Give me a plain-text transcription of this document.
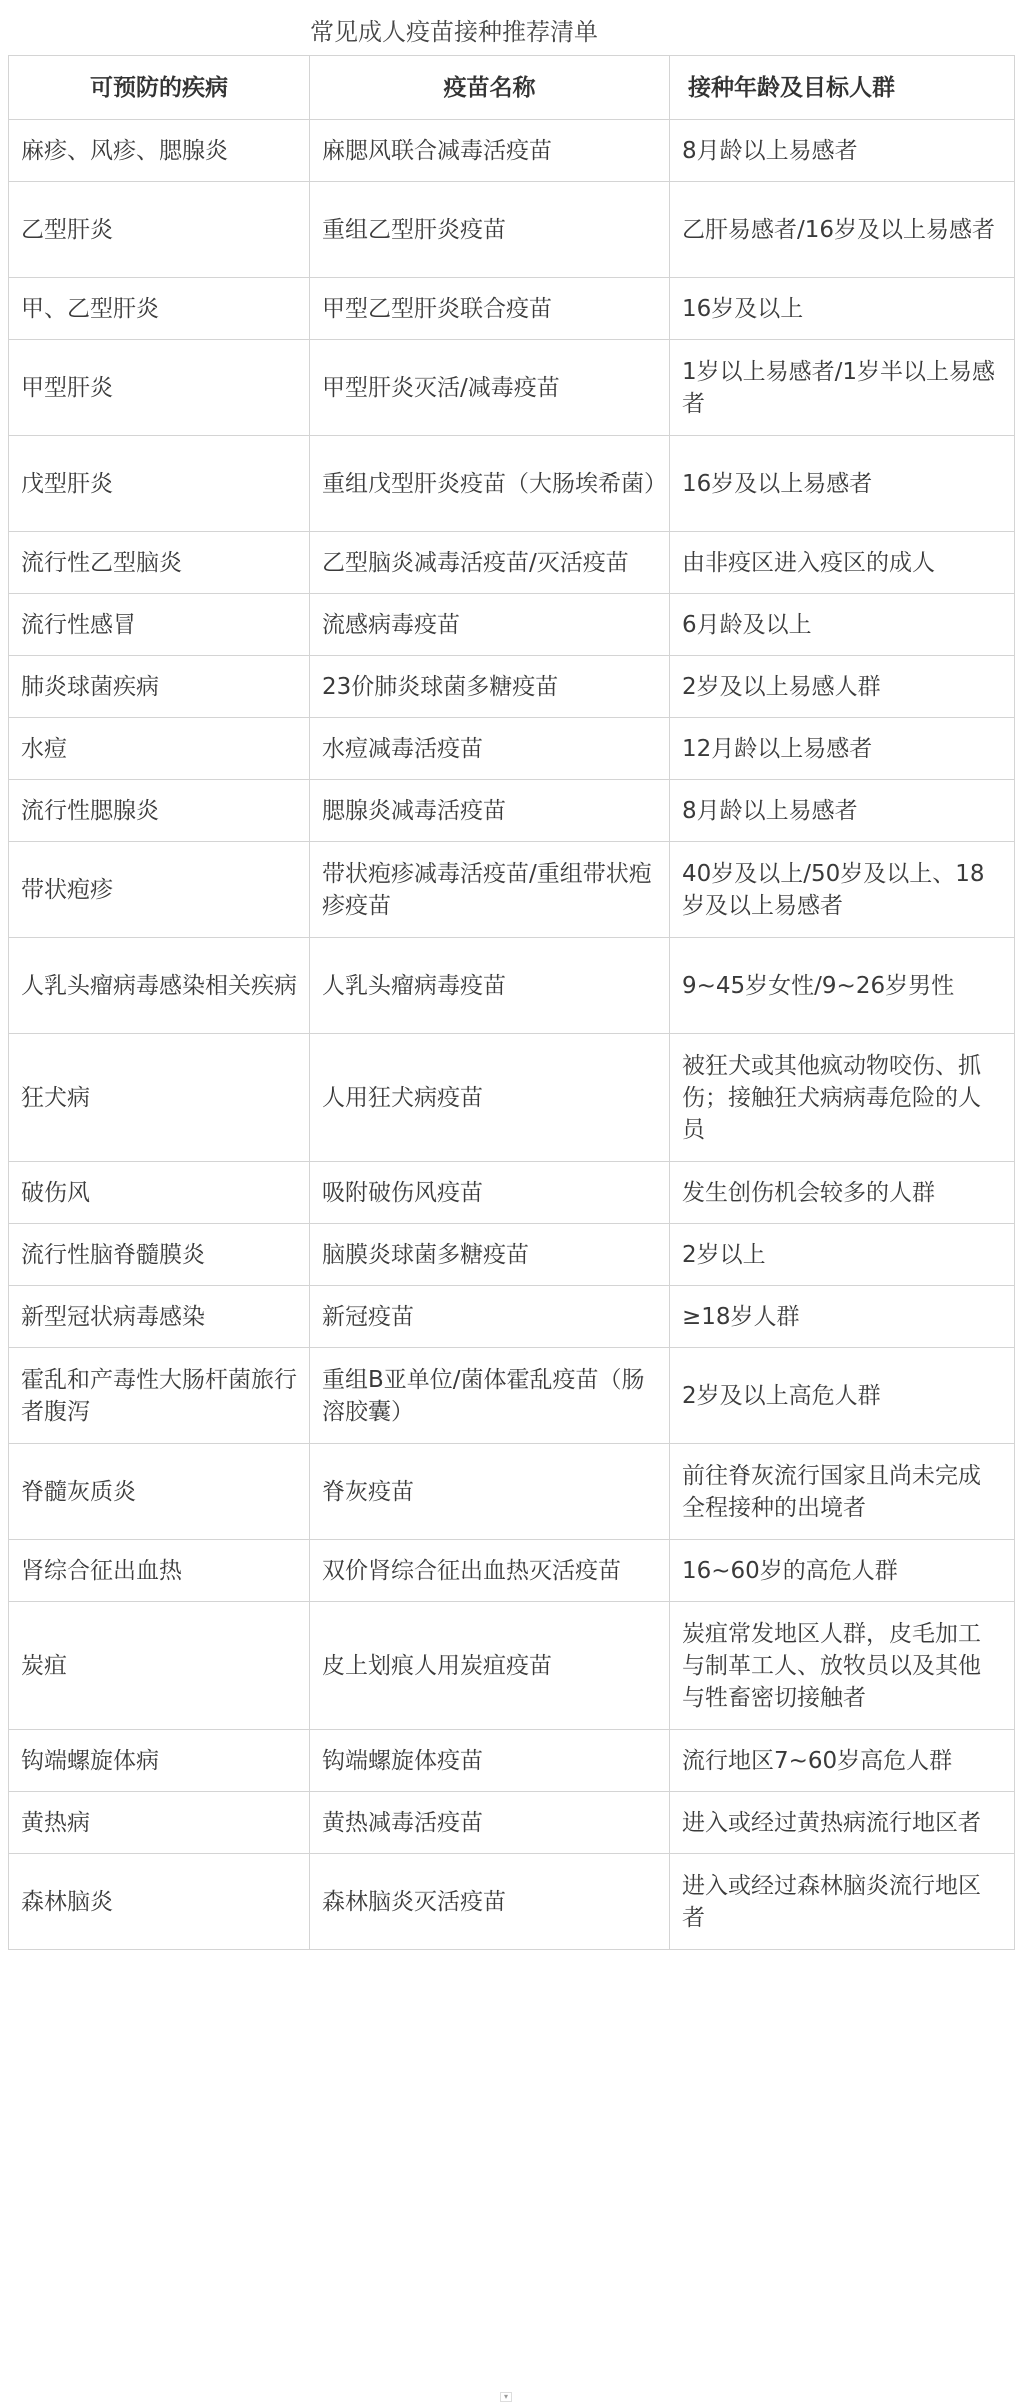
常见成人疫苗接种推荐清单
可预防的疾病	疫苗名称	接种年龄及目标人群
麻疹、风疹、腮腺炎	麻腮风联合减毒活疫苗	8月龄以上易感者
乙型肝炎	重组乙型肝炎疫苗	乙肝易感者/16岁及以上易感者
甲、乙型肝炎	甲型乙型肝炎联合疫苗	16岁及以上
甲型肝炎	甲型肝炎灭活/减毒疫苗	1岁以上易感者/1岁半以上易感者
戊型肝炎	重组戊型肝炎疫苗（大肠埃希菌）	16岁及以上易感者
流行性乙型脑炎	乙型脑炎减毒活疫苗/灭活疫苗	由非疫区进入疫区的成人
流行性感冒	流感病毒疫苗	6月龄及以上
肺炎球菌疾病	23价肺炎球菌多糖疫苗	2岁及以上易感人群
水痘	水痘减毒活疫苗	12月龄以上易感者
流行性腮腺炎	腮腺炎减毒活疫苗	8月龄以上易感者
带状疱疹	带状疱疹减毒活疫苗/重组带状疱疹疫苗	40岁及以上/50岁及以上、18岁及以上易感者
人乳头瘤病毒感染相关疾病	人乳头瘤病毒疫苗	9~45岁女性/9~26岁男性
狂犬病	人用狂犬病疫苗	被狂犬或其他疯动物咬伤、抓伤；接触狂犬病病毒危险的人员
破伤风	吸附破伤风疫苗	发生创伤机会较多的人群
流行性脑脊髓膜炎	脑膜炎球菌多糖疫苗	2岁以上
新型冠状病毒感染	新冠疫苗	≥18岁人群
霍乱和产毒性大肠杆菌旅行者腹泻	重组B亚单位/菌体霍乱疫苗（肠溶胶囊）	2岁及以上高危人群
脊髓灰质炎	脊灰疫苗	前往脊灰流行国家且尚未完成全程接种的出境者
肾综合征出血热	双价肾综合征出血热灭活疫苗	16~60岁的高危人群
炭疽	皮上划痕人用炭疽疫苗	炭疽常发地区人群，皮毛加工与制革工人、放牧员以及其他与牲畜密切接触者
钩端螺旋体病	钩端螺旋体疫苗	流行地区7~60岁高危人群
黄热病	黄热减毒活疫苗	进入或经过黄热病流行地区者
森林脑炎	森林脑炎灭活疫苗	进入或经过森林脑炎流行地区者
▾
